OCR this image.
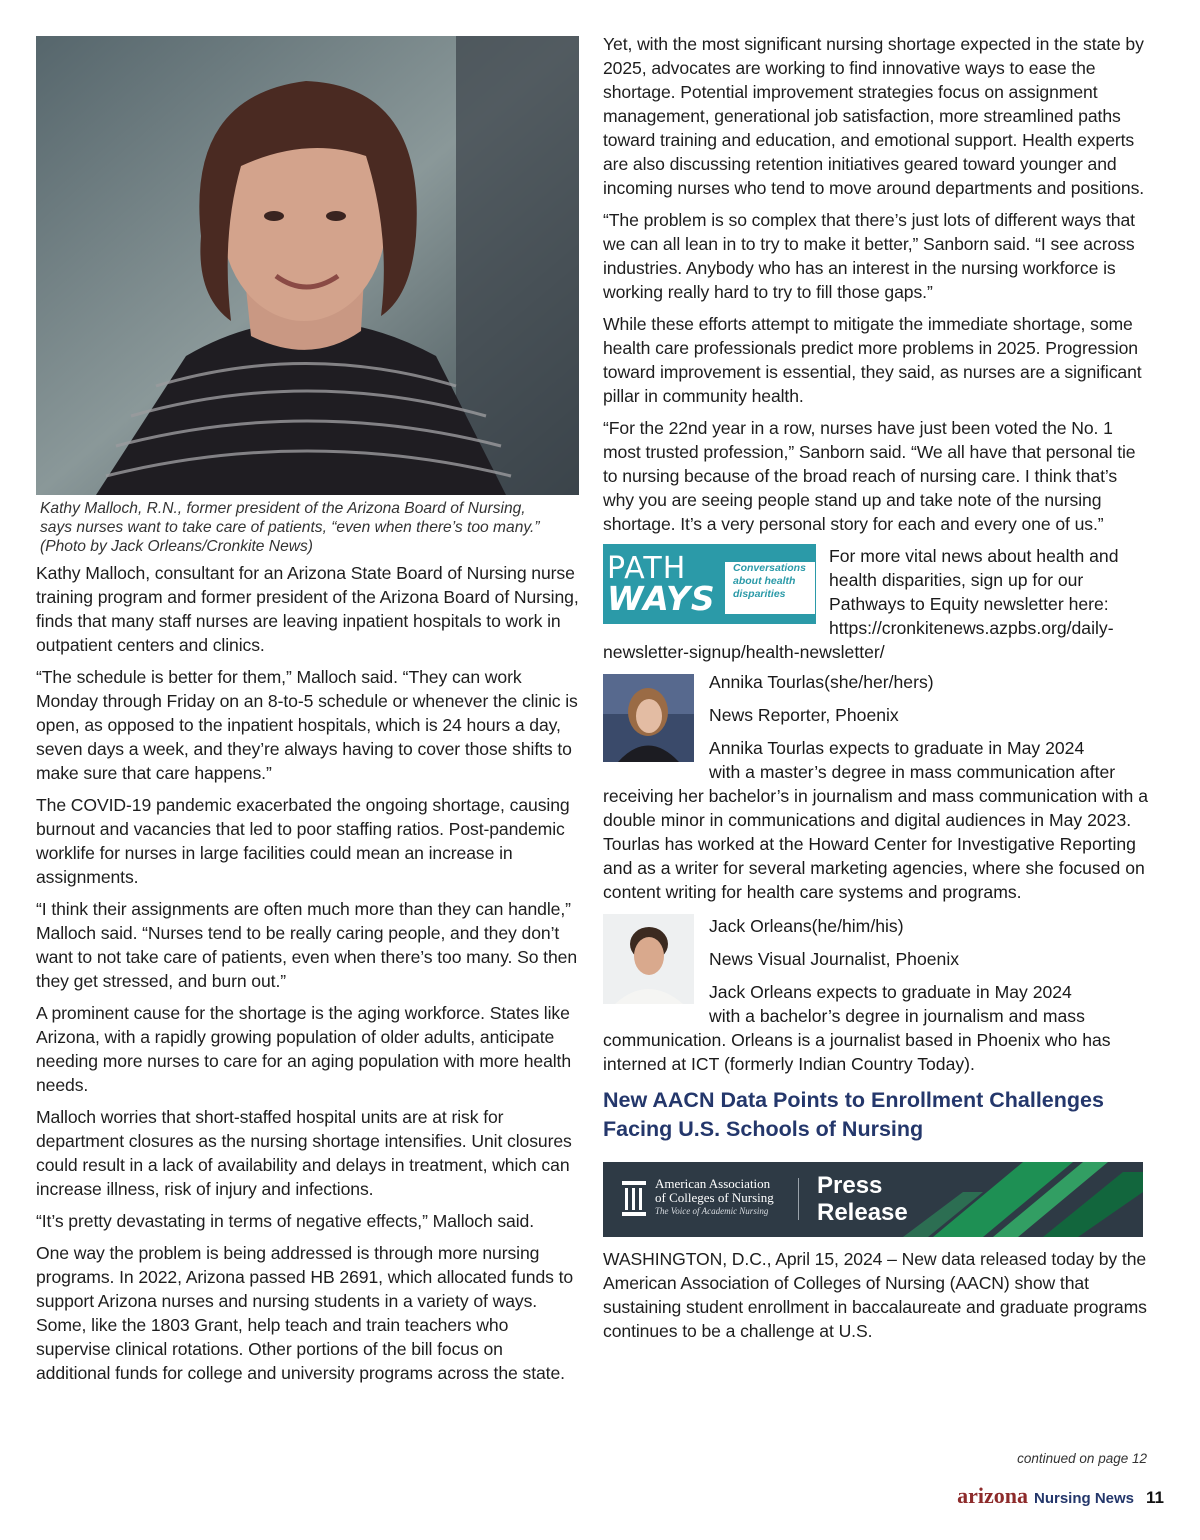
Kathy Malloch, R.N., former president of the Arizona Board of Nursing,
says nurses want to take care of patients, “even when there’s too many.”
(Photo by Jack Orleans/Cronkite News)

Kathy Malloch, consultant for an Arizona State Board of Nursing nurse training program and former president of the Arizona Board of Nursing, finds that many staff nurses are leaving inpatient hospitals to work in outpatient centers and clinics.

“The schedule is better for them,” Malloch said. “They can work Monday through Friday on an 8-to-5 schedule or whenever the clinic is open, as opposed to the inpatient hospitals, which is 24 hours a day, seven days a week, and they’re always having to cover those shifts to make sure that care happens.”

The COVID-19 pandemic exacerbated the ongoing shortage, causing burnout and vacancies that led to poor staffing ratios. Post-pandemic worklife for nurses in large facilities could mean an increase in assignments.

“I think their assignments are often much more than they can handle,” Malloch said. “Nurses tend to be really caring people, and they don’t want to not take care of patients, even when there’s too many. So then they get stressed, and burn out.”

A prominent cause for the shortage is the aging workforce. States like Arizona, with a rapidly growing population of older adults, anticipate needing more nurses to care for an aging population with more health needs.

Malloch worries that short-staffed hospital units are at risk for department closures as the nursing shortage intensifies. Unit closures could result in a lack of availability and delays in treatment, which can increase illness, risk of injury and infections.

“It’s pretty devastating in terms of negative effects,” Malloch said.

One way the problem is being addressed is through more nursing programs. In 2022, Arizona passed HB 2691, which allocated funds to support Arizona nurses and nursing students in a variety of ways. Some, like the 1803 Grant, help teach and train teachers who supervise clinical rotations. Other portions of the bill focus on additional funds for college and university programs across the state.

Yet, with the most significant nursing shortage expected in the state by 2025, advocates are working to find innovative ways to ease the shortage. Potential improvement strategies focus on assignment management, generational job satisfaction, more streamlined paths toward training and education, and emotional support. Health experts are also discussing retention initiatives geared toward younger and incoming nurses who tend to move around departments and positions.

“The problem is so complex that there’s just lots of different ways that we can all lean in to try to make it better,” Sanborn said. “I see across industries. Anybody who has an interest in the nursing workforce is working really hard to try to fill those gaps.”

While these efforts attempt to mitigate the immediate shortage, some health care professionals predict more problems in 2025. Progression toward improvement is essential, they said, as nurses are a significant pillar in community health.

“For the 22nd year in a row, nurses have just been voted the No. 1 most trusted profession,” Sanborn said. “We all have that personal tie to nursing because of the broad reach of nursing care. I think that’s why you are seeing people stand up and take note of the nursing shortage. It’s a very personal story for each and every one of us.”

PATH
WAYS
Conversations
about health
disparities
For more vital news about health and health disparities, sign up for our Pathways to Equity newsletter here: https://cronkitenews.azpbs.org/daily-
newsletter-signup/health-newsletter/
Annika Tourlas(she/her/hers)
News Reporter, Phoenix
Annika Tourlas expects to graduate in May 2024
with a master’s degree in mass communication after
receiving her bachelor’s in journalism and mass communication with a double minor in communications and digital audiences in May 2023. Tourlas has worked at the Howard Center for Investigative Reporting and as a writer for several marketing agencies, where she focused on content writing for health care systems and programs.
Jack Orleans(he/him/his)
News Visual Journalist, Phoenix
Jack Orleans expects to graduate in May 2024
with a bachelor’s degree in journalism and mass
communication. Orleans is a journalist based in Phoenix who has interned at ICT (formerly Indian Country Today).
New AACN Data Points to Enrollment Challenges Facing U.S. Schools of Nursing
American Association
of Colleges of Nursing
The Voice of Academic Nursing
Press
Release

WASHINGTON, D.C., April 15, 2024 – New data released today by the American Association of Colleges of Nursing (AACN) show that sustaining student enrollment in baccalaureate and graduate programs continues to be a challenge at U.S.

continued on page 12
arizona Nursing News 11
